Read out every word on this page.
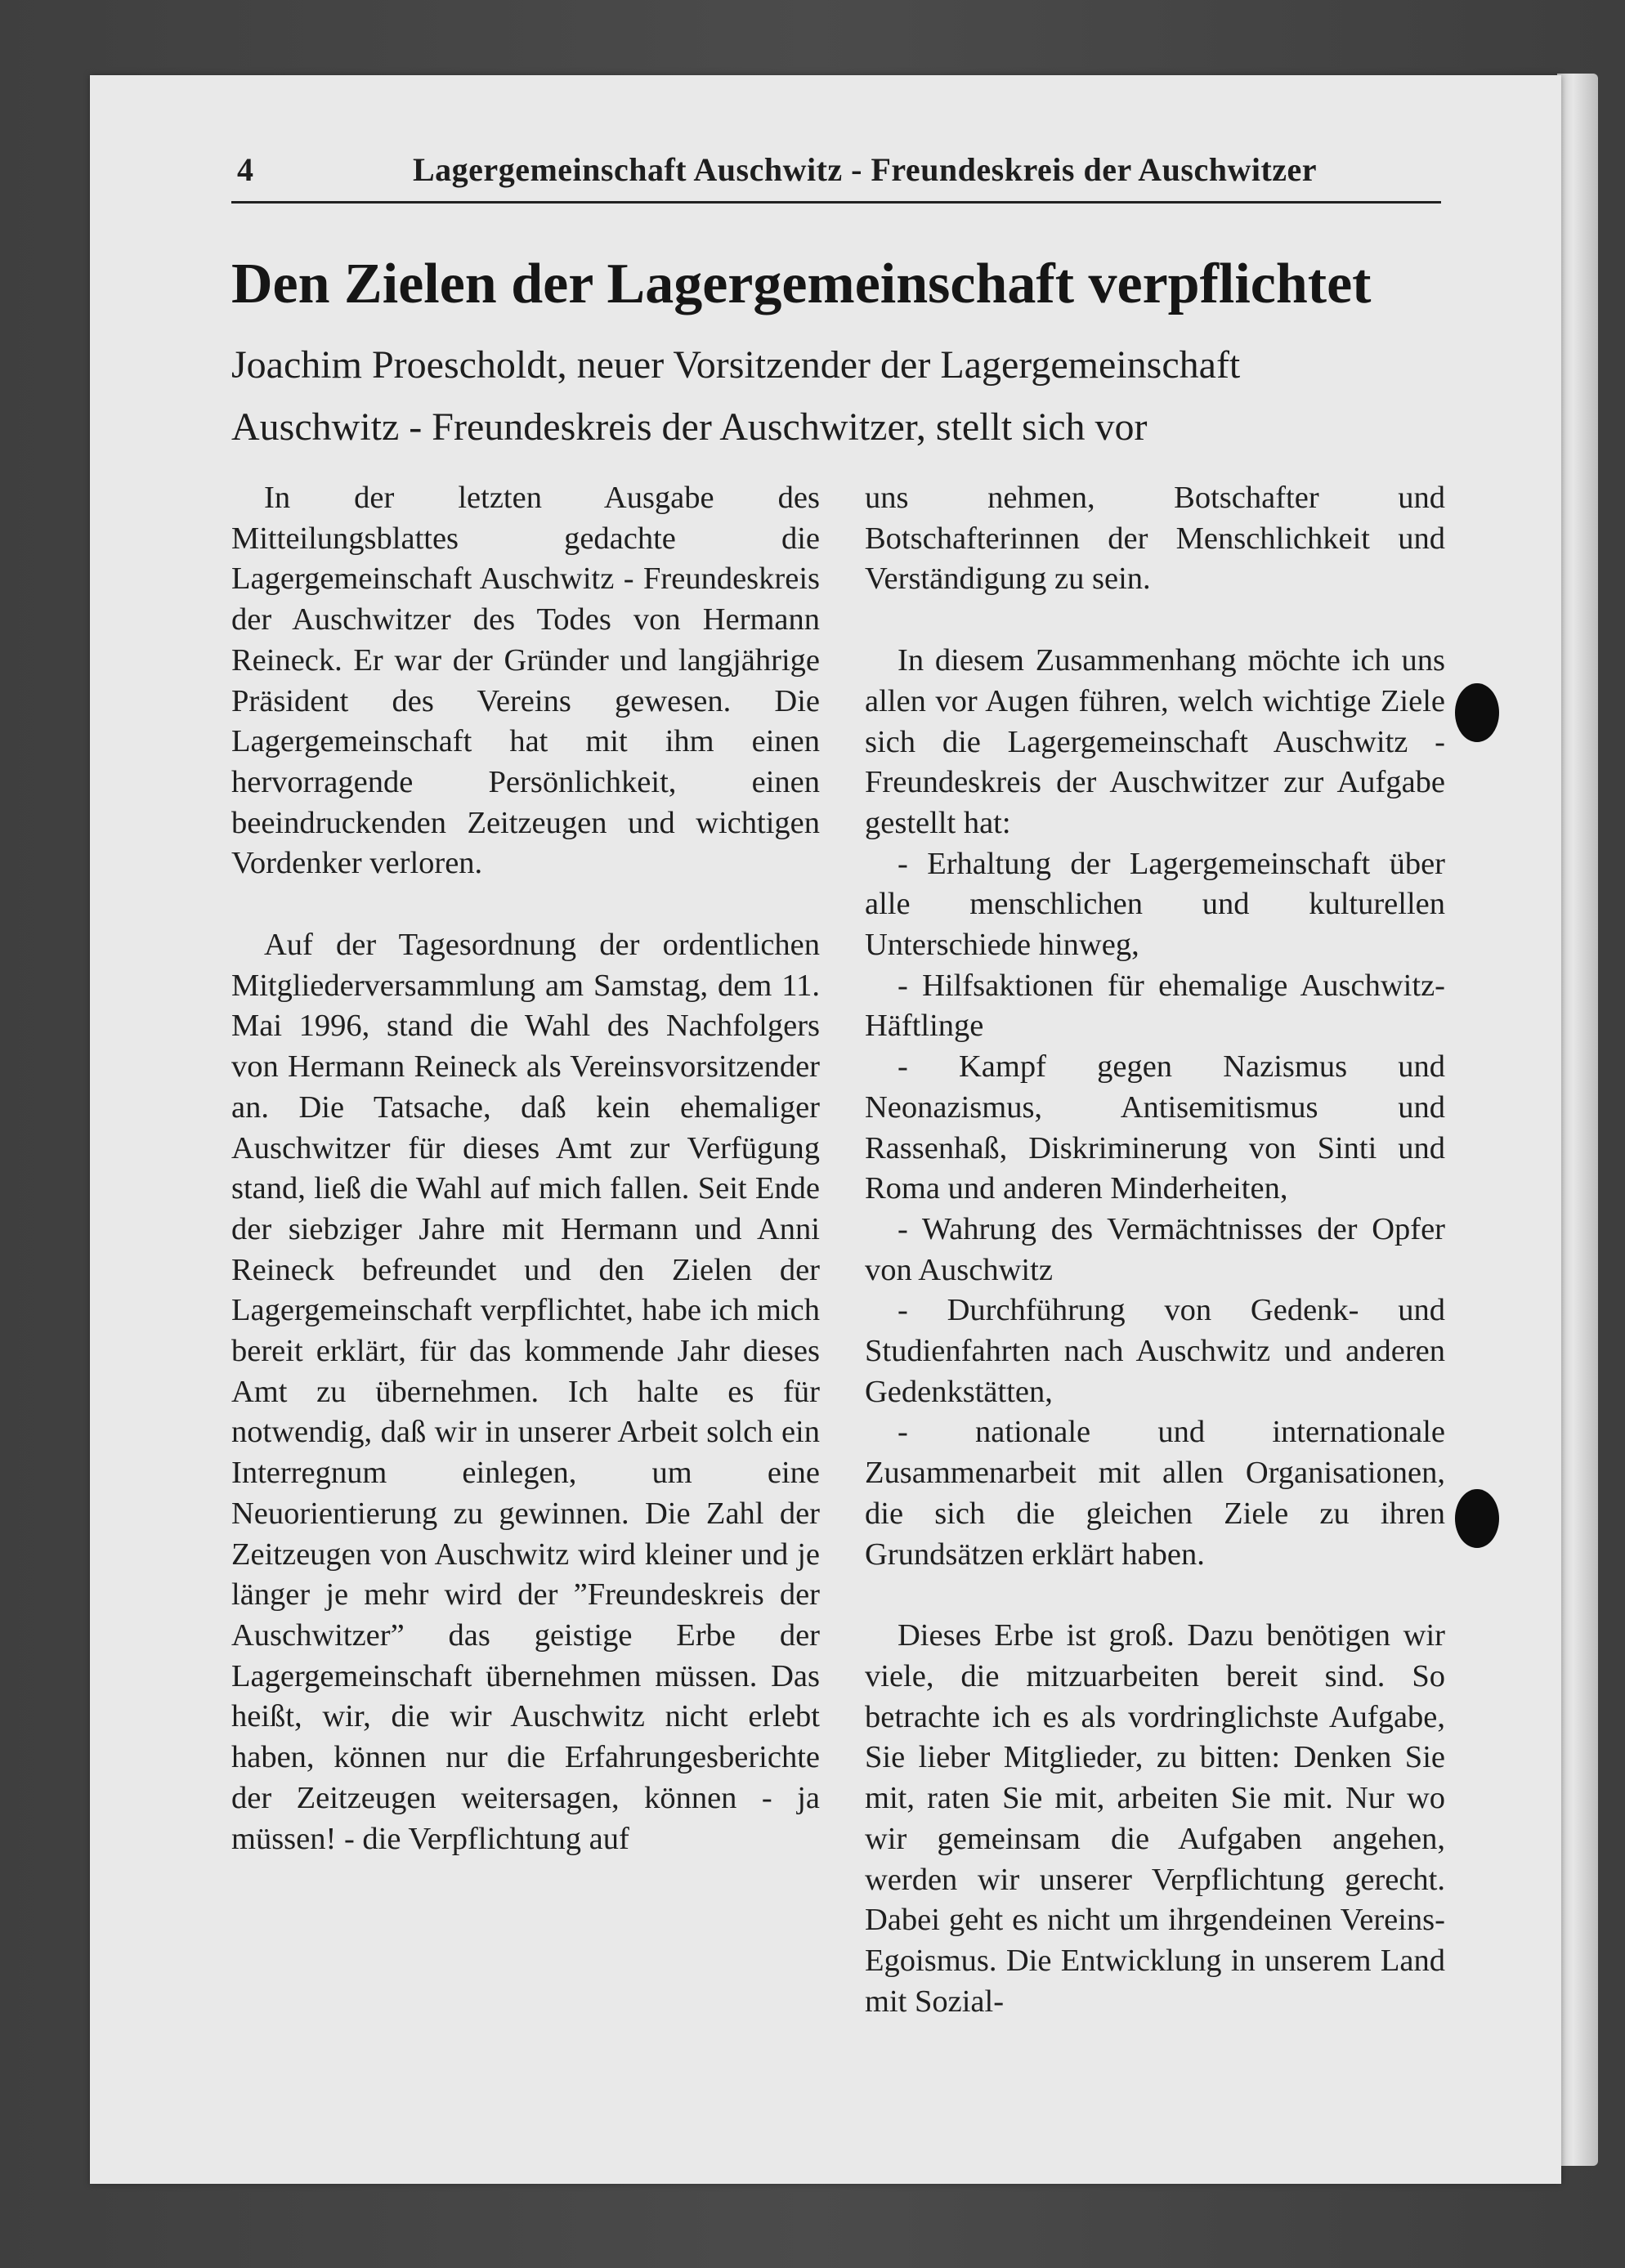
4	Lagergemeinschaft Auschwitz - Freundeskreis der Auschwitzer
Den Zielen der Lagergemeinschaft verpflichtet
Joachim Proescholdt, neuer Vorsitzender der Lagergemeinschaft
Auschwitz - Freundeskreis der Auschwitzer, stellt sich vor

In der letzten Ausgabe des Mitteilungsblattes gedachte die Lagergemeinschaft Auschwitz - Freundeskreis der Auschwitzer des Todes von Hermann Reineck. Er war der Gründer und langjährige Präsident des Vereins gewesen. Die Lagergemeinschaft hat mit ihm einen hervorragende Persönlichkeit, einen beeindruckenden Zeitzeugen und wichtigen Vordenker verloren.

Auf der Tagesordnung der ordentlichen Mitgliederversammlung am Samstag, dem 11. Mai 1996, stand die Wahl des Nachfolgers von Hermann Reineck als Vereinsvorsitzender an. Die Tatsache, daß kein ehemaliger Auschwitzer für dieses Amt zur Verfügung stand, ließ die Wahl auf mich fallen. Seit Ende der siebziger Jahre mit Hermann und Anni Reineck befreundet und den Zielen der Lagergemeinschaft verpflichtet, habe ich mich bereit erklärt, für das kommende Jahr dieses Amt zu übernehmen. Ich halte es für notwendig, daß wir in unserer Arbeit solch ein Interregnum einlegen, um eine Neuorientierung zu gewinnen. Die Zahl der Zeitzeugen von Auschwitz wird kleiner und je länger je mehr wird der ”Freundeskreis der Auschwitzer” das geistige Erbe der Lagergemeinschaft übernehmen müssen. Das heißt, wir, die wir Auschwitz nicht erlebt haben, können nur die Erfahrungesberichte der Zeitzeugen weitersagen, können - ja müssen! - die Verpflichtung auf

uns nehmen, Botschafter und Botschafterinnen der Menschlichkeit und Verständigung zu sein.

In diesem Zusammenhang möchte ich uns allen vor Augen führen, welch wichtige Ziele sich die Lagergemeinschaft Auschwitz - Freundeskreis der Auschwitzer zur Aufgabe gestellt hat:

- Erhaltung der Lagergemeinschaft über alle menschlichen und kulturellen Unterschiede hinweg,

- Hilfsaktionen für ehemalige Auschwitz-Häftlinge

- Kampf gegen Nazismus und Neonazismus, Antisemitismus und Rassenhaß, Diskriminerung von Sinti und Roma und anderen Minderheiten,

- Wahrung des Vermächtnisses der Opfer von Auschwitz

- Durchführung von Gedenk- und Studienfahrten nach Auschwitz und anderen Gedenkstätten,

- nationale und internationale Zusammenarbeit mit allen Organisationen, die sich die gleichen Ziele zu ihren Grundsätzen erklärt haben.

Dieses Erbe ist groß. Dazu benötigen wir viele, die mitzuarbeiten bereit sind. So betrachte ich es als vordringlichste Aufgabe, Sie lieber Mitglieder, zu bitten: Denken Sie mit, raten Sie mit, arbeiten Sie mit. Nur wo wir gemeinsam die Aufgaben angehen, werden wir unserer Verpflichtung gerecht. Dabei geht es nicht um ihrgendeinen Vereins-Egoismus. Die Entwicklung in unserem Land mit Sozial-
